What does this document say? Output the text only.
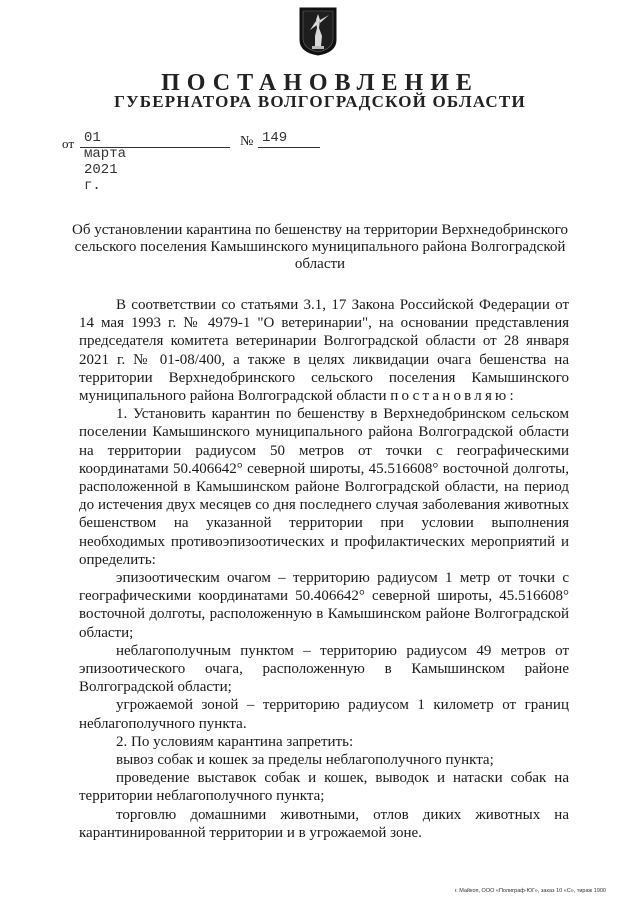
ПОСТАНОВЛЕНИЕ
ГУБЕРНАТОРА ВОЛГОГРАДСКОЙ ОБЛАСТИ
от 01 марта 2021 г.
№ 149
Об установлении карантина по бешенству на территории Верхнедобринского сельского поселения Камышинского муниципального района Волгоградской области

В соответствии со статьями 3.1, 17 Закона Российской Федерации от 14 мая 1993 г. № 4979-1 "О ветеринарии", на основании представления председателя комитета ветеринарии Волгоградской области от 28 января 2021 г. № 01-08/400, а также в целях ликвидации очага бешенства на территории Верхнедобринского сельского поселения Камышинского муниципального района Волгоградской области постановляю:

1. Установить карантин по бешенству в Верхнедобринском сельском поселении Камышинского муниципального района Волгоградской области на территории радиусом 50 метров от точки с географическими координатами 50.406642° северной широты, 45.516608° восточной долготы, расположенной в Камышинском районе Волгоградской области, на период до истечения двух месяцев со дня последнего случая заболевания животных бешенством на указанной территории при условии выполнения необходимых противоэпизоотических и профилактических мероприятий и определить:

эпизоотическим очагом – территорию радиусом 1 метр от точки с географическими координатами 50.406642° северной широты, 45.516608° восточной долготы, расположенную в Камышинском районе Волгоградской области;

неблагополучным пунктом – территорию радиусом 49 метров от эпизоотического очага, расположенную в Камышинском районе Волгоградской области;

угрожаемой зоной – территорию радиусом 1 километр от границ неблагополучного пункта.

2. По условиям карантина запретить:

вывоз собак и кошек за пределы неблагополучного пункта;

проведение выставок собак и кошек, выводок и натаски собак на территории неблагополучного пункта;

торговлю домашними животными, отлов диких животных на карантинированной территории и в угрожаемой зоне.

г. Майкоп, ООО «Полиграф-ЮГ», заказ 10 «С», тираж 1900
